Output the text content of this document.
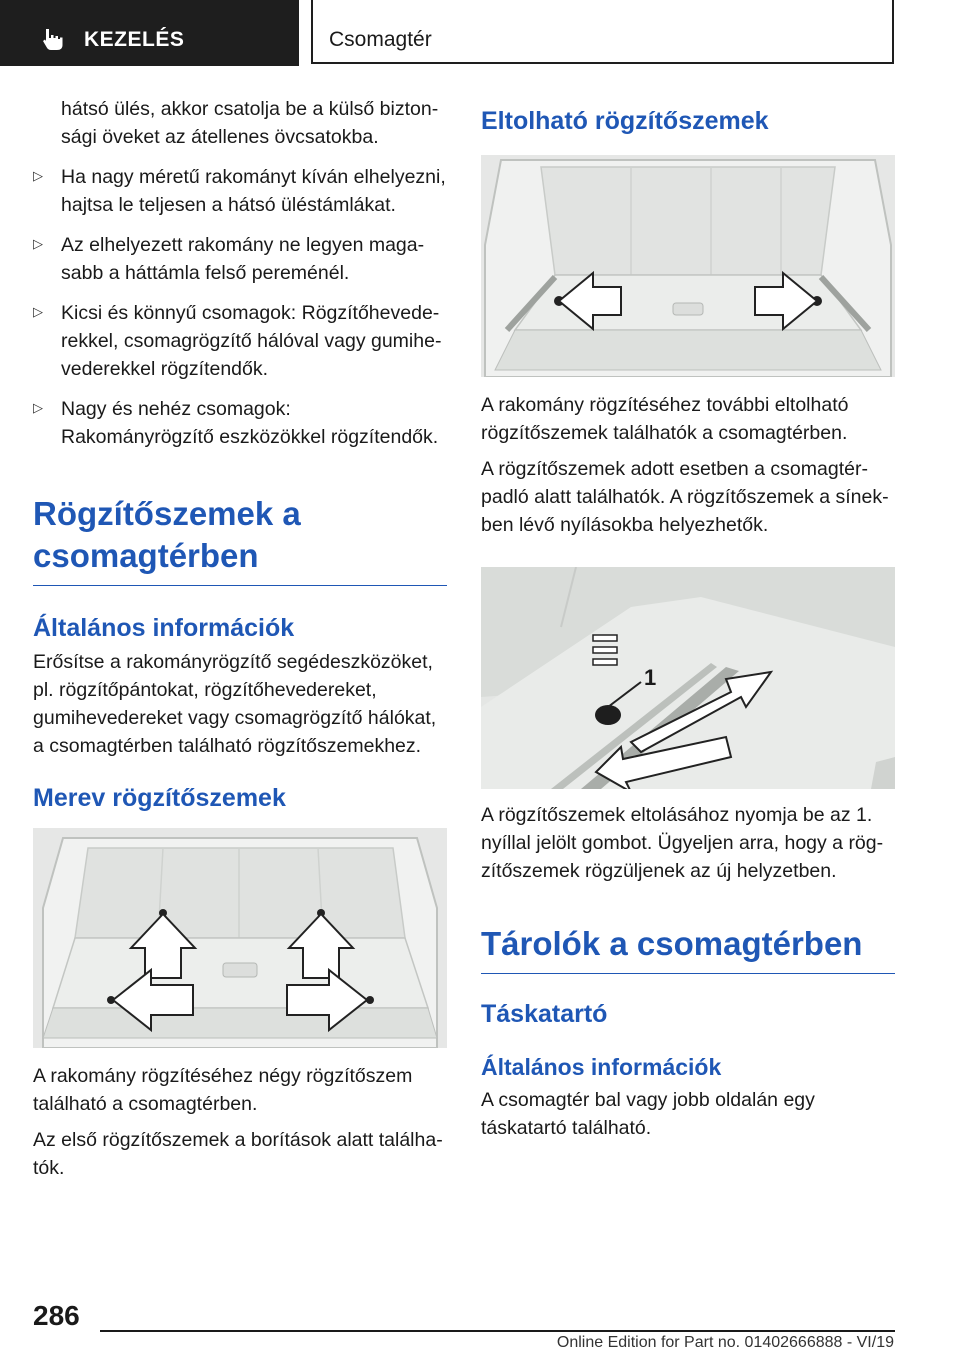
KEZELÉS	Csomagtér

hátsó ülés, akkor csatolja be a külső biztonsági öveket az átellenes övcsatokba.

▷ Ha nagy méretű rakományt kíván elhelyezni, hajtsa le teljesen a hátsó üléstámlákat.

▷ Az elhelyezett rakomány ne legyen magasabb a háttámla felső pereménél.

▷ Kicsi és könnyű csomagok: Rögzítőhevederekkel, csomagrögzítő hálóval vagy gumihevederekkel rögzítendők.

▷ Nagy és nehéz csomagok: Rakományrögzítő eszközökkel rögzítendők.

Rögzítőszemek a csomagtérben
Általános információk

Erősítse a rakományrögzítő segédeszközöket, pl. rögzítőpántokat, rögzítőhevedereket, gumihevedereket vagy csomagrögzítő hálókat, a csomagtérben található rögzítőszemekhez.

Merev rögzítőszemek

A rakomány rögzítéséhez négy rögzítőszem található a csomagtérben.

Az első rögzítőszemek a borítások alatt találhatók.

Eltolható rögzítőszemek

A rakomány rögzítéséhez további eltolható rögzítőszemek találhatók a csomagtérben.

A rögzítőszemek adott esetben a csomagtérpadló alatt találhatók. A rögzítőszemek a sínekben lévő nyílásokba helyezhetők.

1

A rögzítőszemek eltolásához nyomja be az 1. nyíllal jelölt gombot. Ügyeljen arra, hogy a rögzítőszemek rögzüljenek az új helyzetben.

Tárolók a csomagtérben
Táskatartó
Általános információk

A csomagtér bal vagy jobb oldalán egy táskatartó található.

286
Online Edition for Part no. 01402666888 - VI/19
